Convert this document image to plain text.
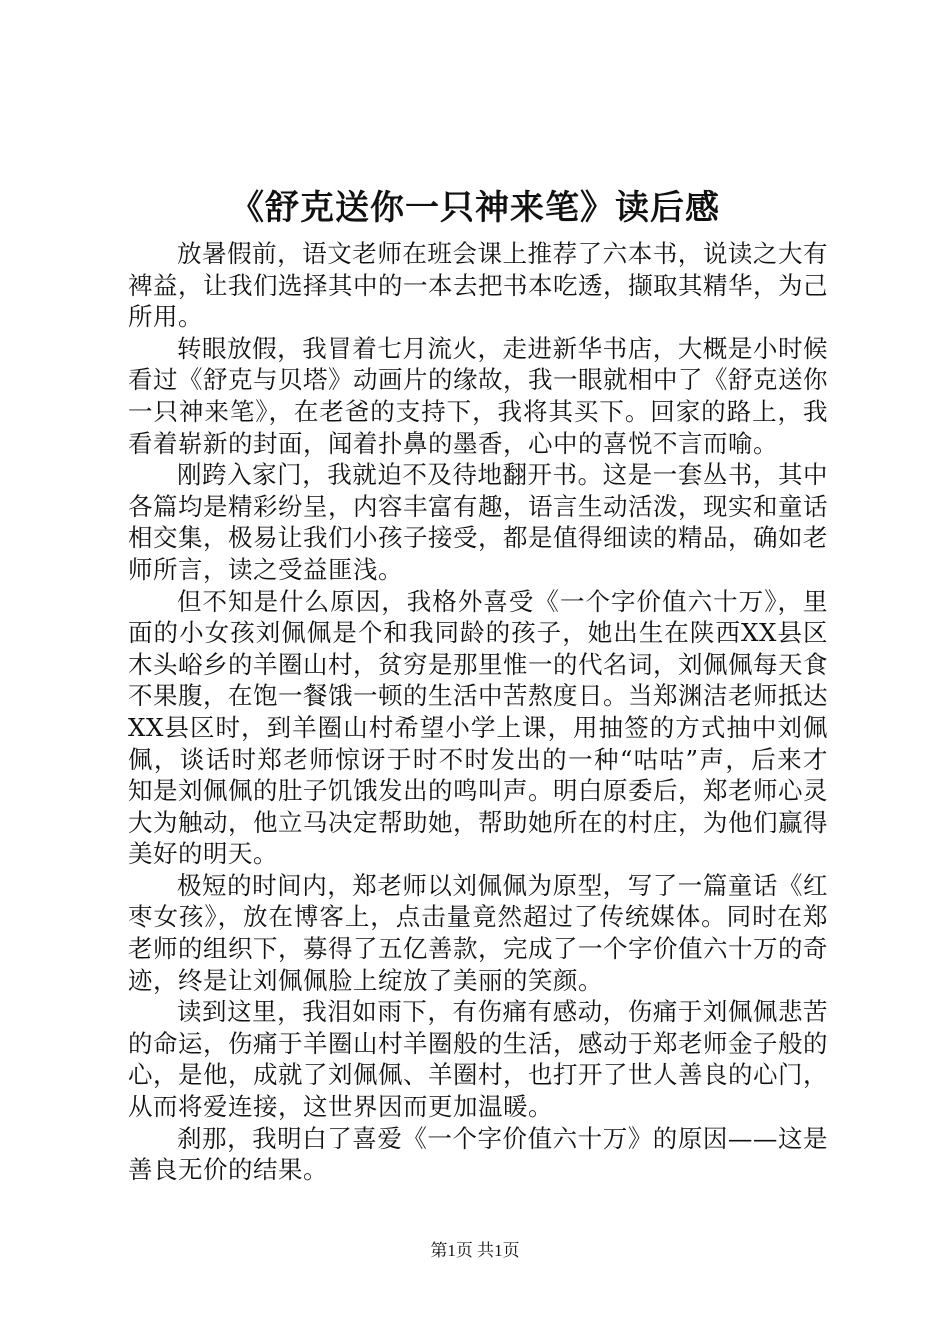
《舒克送你一只神来笔》读后感

放暑假前，语文老师在班会课上推荐了六本书，说读之大有裨益，让我们选择其中的一本去把书本吃透，撷取其精华，为己所用。

转眼放假，我冒着七月流火，走进新华书店，大概是小时候看过《舒克与贝塔》动画片的缘故，我一眼就相中了《舒克送你一只神来笔》，在老爸的支持下，我将其买下。回家的路上，我看着崭新的封面，闻着扑鼻的墨香，心中的喜悦不言而喻。

刚跨入家门，我就迫不及待地翻开书。这是一套丛书，其中各篇均是精彩纷呈，内容丰富有趣，语言生动活泼，现实和童话相交集，极易让我们小孩子接受，都是值得细读的精品，确如老师所言，读之受益匪浅。

但不知是什么原因，我格外喜受《一个字价值六十万》，里面的小女孩刘佩佩是个和我同龄的孩子，她出生在陕西XX县区木头峪乡的羊圈山村，贫穷是那里惟一的代名词，刘佩佩每天食不果腹，在饱一餐饿一顿的生活中苦熬度日。当郑渊洁老师抵达XX县区时，到羊圈山村希望小学上课，用抽签的方式抽中刘佩佩，谈话时郑老师惊讶于时不时发出的一种“咕咕”声，后来才知是刘佩佩的肚子饥饿发出的鸣叫声。明白原委后，郑老师心灵大为触动，他立马决定帮助她，帮助她所在的村庄，为他们赢得美好的明天。

极短的时间内，郑老师以刘佩佩为原型，写了一篇童话《红枣女孩》，放在博客上，点击量竟然超过了传统媒体。同时在郑老师的组织下，募得了五亿善款，完成了一个字价值六十万的奇迹，终是让刘佩佩脸上绽放了美丽的笑颜。

读到这里，我泪如雨下，有伤痛有感动，伤痛于刘佩佩悲苦的命运，伤痛于羊圈山村羊圈般的生活，感动于郑老师金子般的心，是他，成就了刘佩佩、羊圈村，也打开了世人善良的心门，从而将爱连接，这世界因而更加温暖。

刹那，我明白了喜爱《一个字价值六十万》的原因——这是善良无价的结果。

第1页 共1页
